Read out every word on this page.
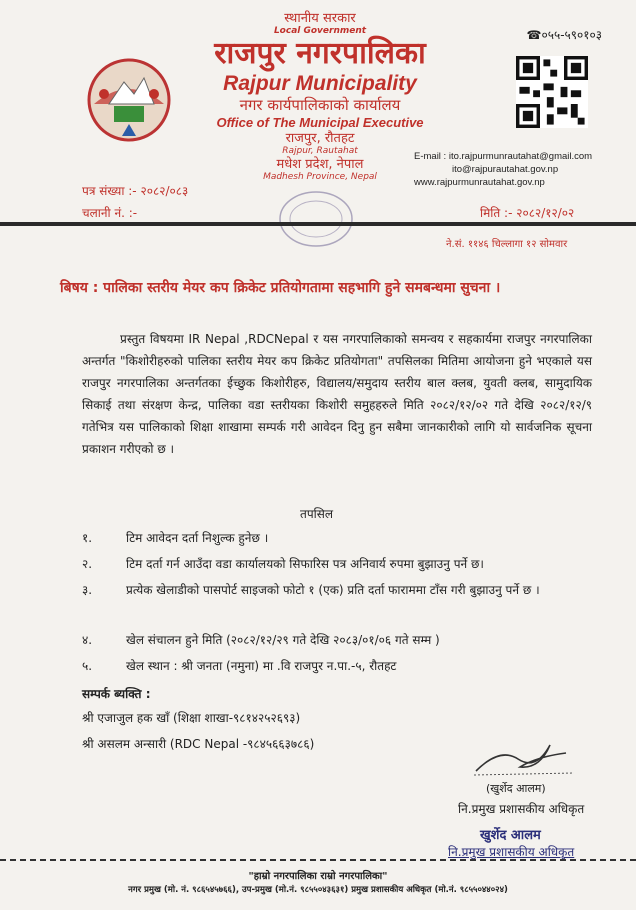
स्थानीय सरकार
Local Government
राजपुर नगरपालिका
Rajpur Municipality
नगर कार्यपालिकाको कार्यालय
Office of The Municipal Executive
राजपुर, रौतहट
Rajpur, Rautahat
मधेश प्रदेश, नेपाल
Madhesh Province, Nepal
☎०५५-५९०१०३
E-mail : ito.rajpurmunrautahat@gmail.com
ito@rajpurautahat.gov.np
www.rajpurmunrautahat.gov.np
पत्र संख्या :- २०८२/०८३
चलानी नं. :-	मिति :- २०८२/१२/०२
ने.सं. ११४६ चिल्लागा १२ सोमवार
बिषय : पालिका स्तरीय मेयर कप क्रिकेट प्रतियोगतामा सहभागि हुने समबन्धमा सुचना ।
प्रस्तुत विषयमा IR Nepal ,RDCNepal र यस नगरपालिकाको समन्वय र सहकार्यमा राजपुर नगरपालिका अन्तर्गत "किशोरीहरुको पालिका स्तरीय मेयर कप क्रिकेट प्रतियोगता" तपसिलका मितिमा आयोजना हुने भएकाले यस राजपुर नगरपालिका अन्तर्गतका ईच्छुक किशोरीहरु, विद्यालय/समुदाय स्तरीय बाल क्लब, युवती क्लब, सामुदायिक सिकाई तथा संरक्षण केन्द्र, पालिका वडा स्तरीयका किशोरी समुहहरुले मिति २०८२/१२/०२ गते देखि २०८२/१२/९ गतेभित्र यस पालिकाको शिक्षा शाखामा सम्पर्क गरी आवेदन दिनु हुन सबैमा जानकारीको लागि यो सार्वजनिक सूचना प्रकाशन गरीएको छ ।
तपसिल
१.	टिम आवेदन दर्ता निशुल्क हुनेछ ।
२.	टिम दर्ता गर्न आउँदा वडा कार्यालयको सिफारिस पत्र अनिवार्य रुपमा बुझाउनु पर्ने छ।
३.	प्रत्येक खेलाडीको पासपोर्ट साइजको फोटो १ (एक) प्रति दर्ता फाराममा टाँस गरी बुझाउनु पर्ने छ ।
४.	खेल संचालन हुने मिति (२०८२/१२/२९ गते देखि २०८३/०१/०६ गते सम्म )
५.	खेल स्थान : श्री जनता (नमुना) मा .वि राजपुर न.पा.-५, रौतहट
सम्पर्क ब्यक्ति :
श्री एजाजुल हक खाँ (शिक्षा शाखा-९८१४२५२६९३)
श्री असलम अन्सारी (RDC Nepal -९८४५६६३७८६)
(खुर्शेद आलम)
नि.प्रमुख प्रशासकीय अधिकृत
खुर्शेद आलम
नि.प्रमुख प्रशासकीय अधिकृत
"हाम्रो नगरपालिका राम्रो नगरपालिका"
नगर प्रमुख (मो. नं. ९८६५४५७६६), उप-प्रमुख (मो.नं. ९८५५०४३६३१) प्रमुख प्रशासकीय अधिकृत (मो.नं. ९८५५०४४०२४)
